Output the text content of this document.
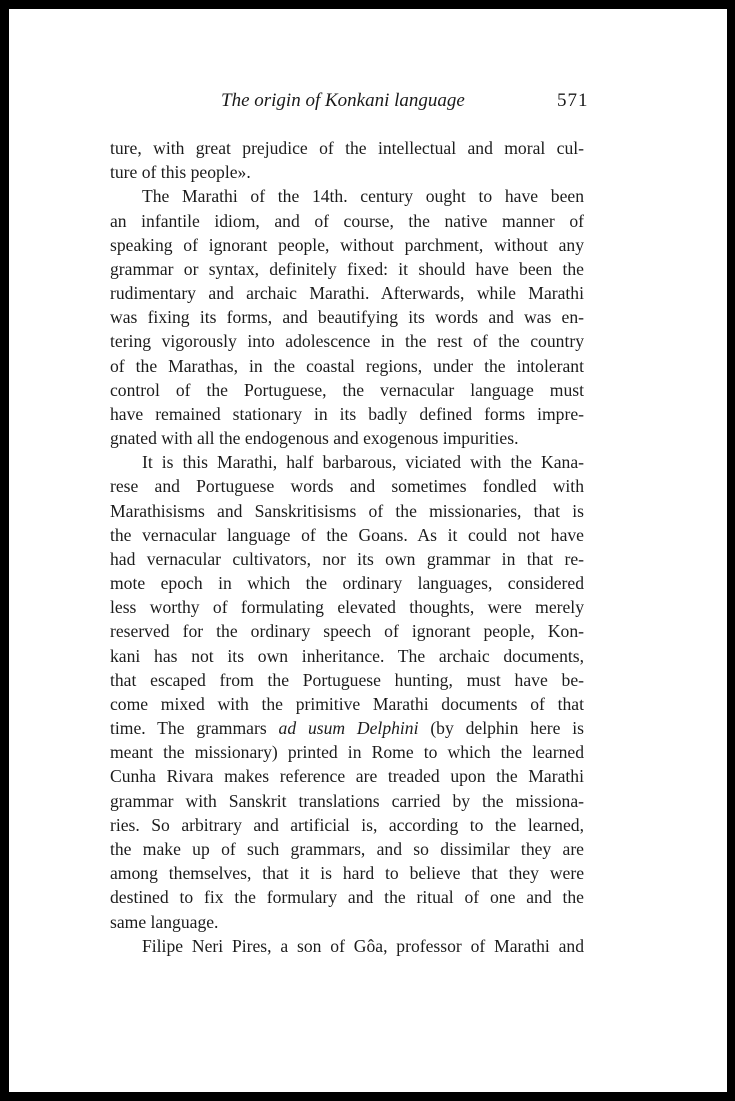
The origin of Konkani language	571
ture, with great prejudice of the intellectual and moral cul-
ture of this people».
The Marathi of the 14th. century ought to have been
an infantile idiom, and of course, the native manner of
speaking of ignorant people, without parchment, without any
grammar or syntax, definitely fixed: it should have been the
rudimentary and archaic Marathi. Afterwards, while Marathi
was fixing its forms, and beautifying its words and was en-
tering vigorously into adolescence in the rest of the country
of the Marathas, in the coastal regions, under the intolerant
control of the Portuguese, the vernacular language must
have remained stationary in its badly defined forms impre-
gnated with all the endogenous and exogenous impurities.
It is this Marathi, half barbarous, viciated with the Kana-
rese and Portuguese words and sometimes fondled with
Marathisisms and Sanskritisisms of the missionaries, that is
the vernacular language of the Goans. As it could not have
had vernacular cultivators, nor its own grammar in that re-
mote epoch in which the ordinary languages, considered
less worthy of formulating elevated thoughts, were merely
reserved for the ordinary speech of ignorant people, Kon-
kani has not its own inheritance. The archaic documents,
that escaped from the Portuguese hunting, must have be-
come mixed with the primitive Marathi documents of that
time. The grammars ad usum Delphini (by delphin here is
meant the missionary) printed in Rome to which the learned
Cunha Rivara makes reference are treaded upon the Marathi
grammar with Sanskrit translations carried by the missiona-
ries. So arbitrary and artificial is, according to the learned,
the make up of such grammars, and so dissimilar they are
among themselves, that it is hard to believe that they were
destined to fix the formulary and the ritual of one and the
same language.
Filipe Neri Pires, a son of Gôa, professor of Marathi and
